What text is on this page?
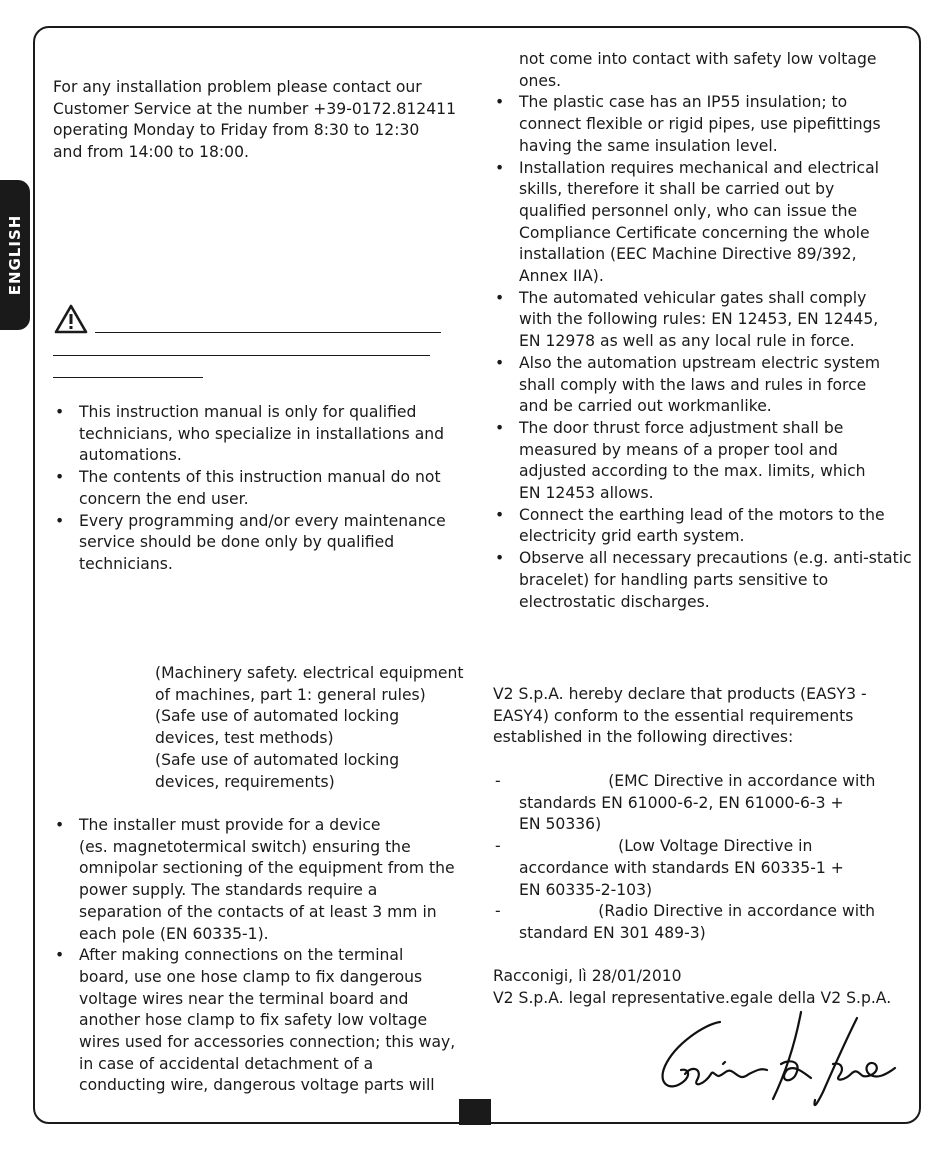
ENGLISH
For any installation problem please contact our
Customer Service at the number +39-0172.812411
operating Monday to Friday from 8:30 to 12:30
and from 14:00 to 18:00.
• This instruction manual is only for qualified
technicians, who specialize in installations and
automations.
• The contents of this instruction manual do not
concern the end user.
• Every programming and/or every maintenance
service should be done only by qualified
technicians.
(Machinery safety. electrical equipment
of machines, part 1: general rules)
(Safe use of automated locking
devices, test methods)
(Safe use of automated locking
devices, requirements)
• The installer must provide for a device
(es. magnetotermical switch) ensuring the
omnipolar sectioning of the equipment from the
power supply. The standards require a
separation of the contacts of at least 3 mm in
each pole (EN 60335-1).
• After making connections on the terminal
board, use one hose clamp to fix dangerous
voltage wires near the terminal board and
another hose clamp to fix safety low voltage
wires used for accessories connection; this way,
in case of accidental detachment of a
conducting wire, dangerous voltage parts will
not come into contact with safety low voltage
ones.
• The plastic case has an IP55 insulation; to
connect flexible or rigid pipes, use pipefittings
having the same insulation level.
• Installation requires mechanical and electrical
skills, therefore it shall be carried out by
qualified personnel only, who can issue the
Compliance Certificate concerning the whole
installation (EEC Machine Directive 89/392,
Annex IIA).
• The automated vehicular gates shall comply
with the following rules: EN 12453, EN 12445,
EN 12978 as well as any local rule in force.
• Also the automation upstream electric system
shall comply with the laws and rules in force
and be carried out workmanlike.
• The door thrust force adjustment shall be
measured by means of a proper tool and
adjusted according to the max. limits, which
EN 12453 allows.
• Connect the earthing lead of the motors to the
electricity grid earth system.
• Observe all necessary precautions (e.g. anti-static
bracelet) for handling parts sensitive to
electrostatic discharges.
V2 S.p.A. hereby declare that products (EASY3 -
EASY4) conform to the essential requirements
established in the following directives:
-                   (EMC Directive in accordance with
standards EN 61000-6-2, EN 61000-6-3 +
EN 50336)
-                     (Low Voltage Directive in
accordance with standards EN 60335-1 +
EN 60335-2-103)
-                 (Radio Directive in accordance with
standard EN 301 489-3)
Racconigi, lì 28/01/2010
V2 S.p.A. legal representative.egale della V2 S.p.A.
